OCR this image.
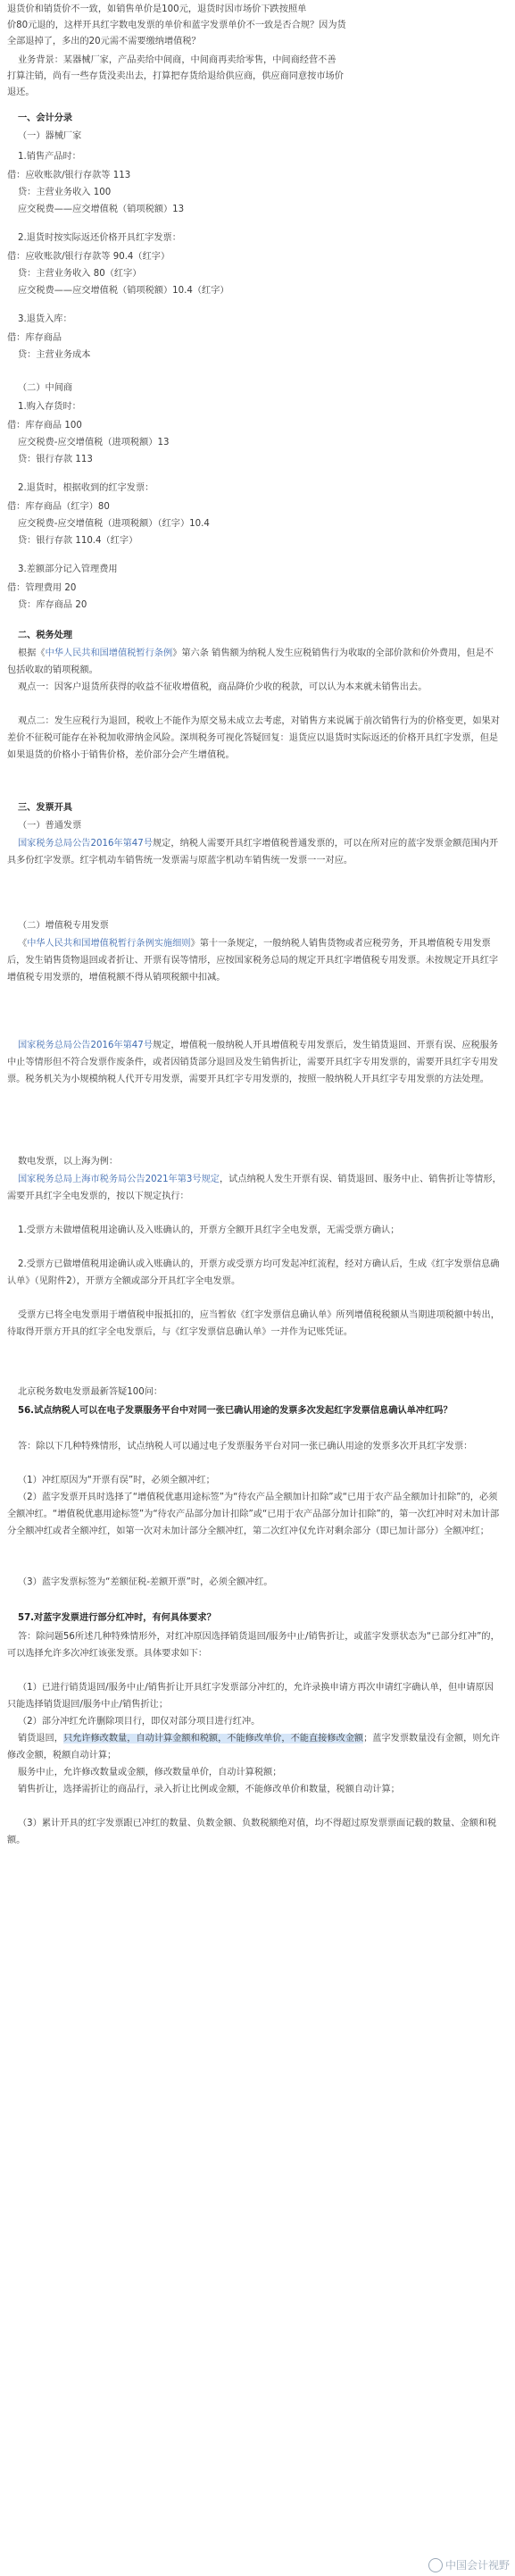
退货价和销货价不一致，如销售单价是100元，退货时因市场价下跌按照单
价80元退的，这样开具红字数电发票的单价和蓝字发票单价不一致是否合规？因为货
全部退掉了，多出的20元需不需要缴纳增值税？
业务背景：某器械厂家，产品卖给中间商，中间商再卖给零售，中间商经营不善
打算注销，尚有一些存货没卖出去，打算把存货给退给供应商，供应商同意按市场价
退还。
一、会计分录
（一）器械厂家
1.销售产品时：
借：应收账款/银行存款等 113
贷：主营业务收入 100
应交税费——应交增值税（销项税额）13
2.退货时按实际返还价格开具红字发票：
借：应收账款/银行存款等 90.4（红字）
贷：主营业务收入 80（红字）
应交税费——应交增值税（销项税额）10.4（红字）
3.退货入库：
借：库存商品
贷：主营业务成本
（二）中间商
1.购入存货时：
借：库存商品 100
应交税费-应交增值税（进项税额）13
贷：银行存款 113
2.退货时，根据收到的红字发票：
借：库存商品（红字）80
应交税费-应交增值税（进项税额）（红字）10.4
贷：银行存款 110.4（红字）
3.差额部分记入管理费用
借：管理费用 20
贷：库存商品 20
二、税务处理
根据《中华人民共和国增值税暂行条例》第六条 销售额为纳税人发生应税销售行为收取的全部价款和价外费用，但是不包括收取的销项税额。
观点一：因客户退货所获得的收益不征收增值税，商品降价少收的税款，可以认为本来就未销售出去。
观点二：发生应税行为退回，税收上不能作为原交易未成立去考虑，对销售方来说属于前次销售行为的价格变更，如果对差价不征税可能存在补税加收滞纳金风险。深圳税务可视化答疑回复：退货应以退货时实际返还的价格开具红字发票，但是如果退货的价格小于销售价格，差价部分会产生增值税。
三、发票开具
（一）普通发票
国家税务总局公告2016年第47号规定，纳税人需要开具红字增值税普通发票的，可以在所对应的蓝字发票金额范围内开具多份红字发票。红字机动车销售统一发票需与原蓝字机动车销售统一发票一一对应。
（二）增值税专用发票
《中华人民共和国增值税暂行条例实施细则》第十一条规定，一般纳税人销售货物或者应税劳务，开具增值税专用发票后，发生销售货物退回或者折让、开票有误等情形，应按国家税务总局的规定开具红字增值税专用发票。未按规定开具红字增值税专用发票的，增值税额不得从销项税额中扣减。
国家税务总局公告2016年第47号规定，增值税一般纳税人开具增值税专用发票后，发生销货退回、开票有误、应税服务中止等情形但不符合发票作废条件，或者因销货部分退回及发生销售折让，需要开具红字专用发票的，需要开具红字专用发票。税务机关为小规模纳税人代开专用发票，需要开具红字专用发票的，按照一般纳税人开具红字专用发票的方法处理。
数电发票，以上海为例：
国家税务总局上海市税务局公告2021年第3号规定，试点纳税人发生开票有误、销货退回、服务中止、销售折让等情形，需要开具红字全电发票的，按以下规定执行：
1.受票方未做增值税用途确认及入账确认的，开票方全额开具红字全电发票，无需受票方确认；
2.受票方已做增值税用途确认或入账确认的，开票方或受票方均可发起冲红流程，经对方确认后，生成《红字发票信息确认单》（见附件2），开票方全额或部分开具红字全电发票。
受票方已将全电发票用于增值税申报抵扣的，应当暂依《红字发票信息确认单》所列增值税税额从当期进项税额中转出，待取得开票方开具的红字全电发票后，与《红字发票信息确认单》一并作为记账凭证。
北京税务数电发票最新答疑100问：
56.试点纳税人可以在电子发票服务平台中对同一张已确认用途的发票多次发起红字发票信息确认单冲红吗？
答：除以下几种特殊情形，试点纳税人可以通过电子发票服务平台对同一张已确认用途的发票多次开具红字发票：
（1）冲红原因为“开票有误”时，必须全额冲红；
（2）蓝字发票开具时选择了“增值税优惠用途标签”为“待农产品全额加计扣除”或“已用于农产品全额加计扣除”的，必须全额冲红。“增值税优惠用途标签”为“待农产品部分加计扣除”或“已用于农产品部分加计扣除”的，第一次红冲时对未加计部分全额冲红或者全额冲红，如第一次对未加计部分全额冲红，第二次红冲仅允许对剩余部分（即已加计部分）全额冲红；
（3）蓝字发票标签为“差额征税-差额开票”时，必须全额冲红。
57.对蓝字发票进行部分红冲时，有何具体要求？
答：除问题56所述几种特殊情形外，对红冲原因选择销货退回/服务中止/销售折让，或蓝字发票状态为“已部分红冲”的，可以选择允许多次冲红该张发票。具体要求如下：
（1）已进行销货退回/服务中止/销售折让开具红字发票部分冲红的，允许录换申请方再次申请红字确认单，但申请原因只能选择销货退回/服务中止/销售折让；
（2）部分冲红允许删除项目行，即仅对部分项目进行红冲。
销货退回，只允许修改数量，自动计算金额和税额，不能修改单价，不能直接修改金额；蓝字发票数量没有金额，则允许修改金额，税额自动计算；
服务中止，允许修改数量或金额，修改数量单价，自动计算税额；
销售折让，选择需折让的商品行，录入折让比例或金额，不能修改单价和数量，税额自动计算；
（3）累计开具的红字发票跟已冲红的数量、负数金额、负数税额绝对值，均不得超过原发票票面记载的数量、金额和税额。
中国会计视野
